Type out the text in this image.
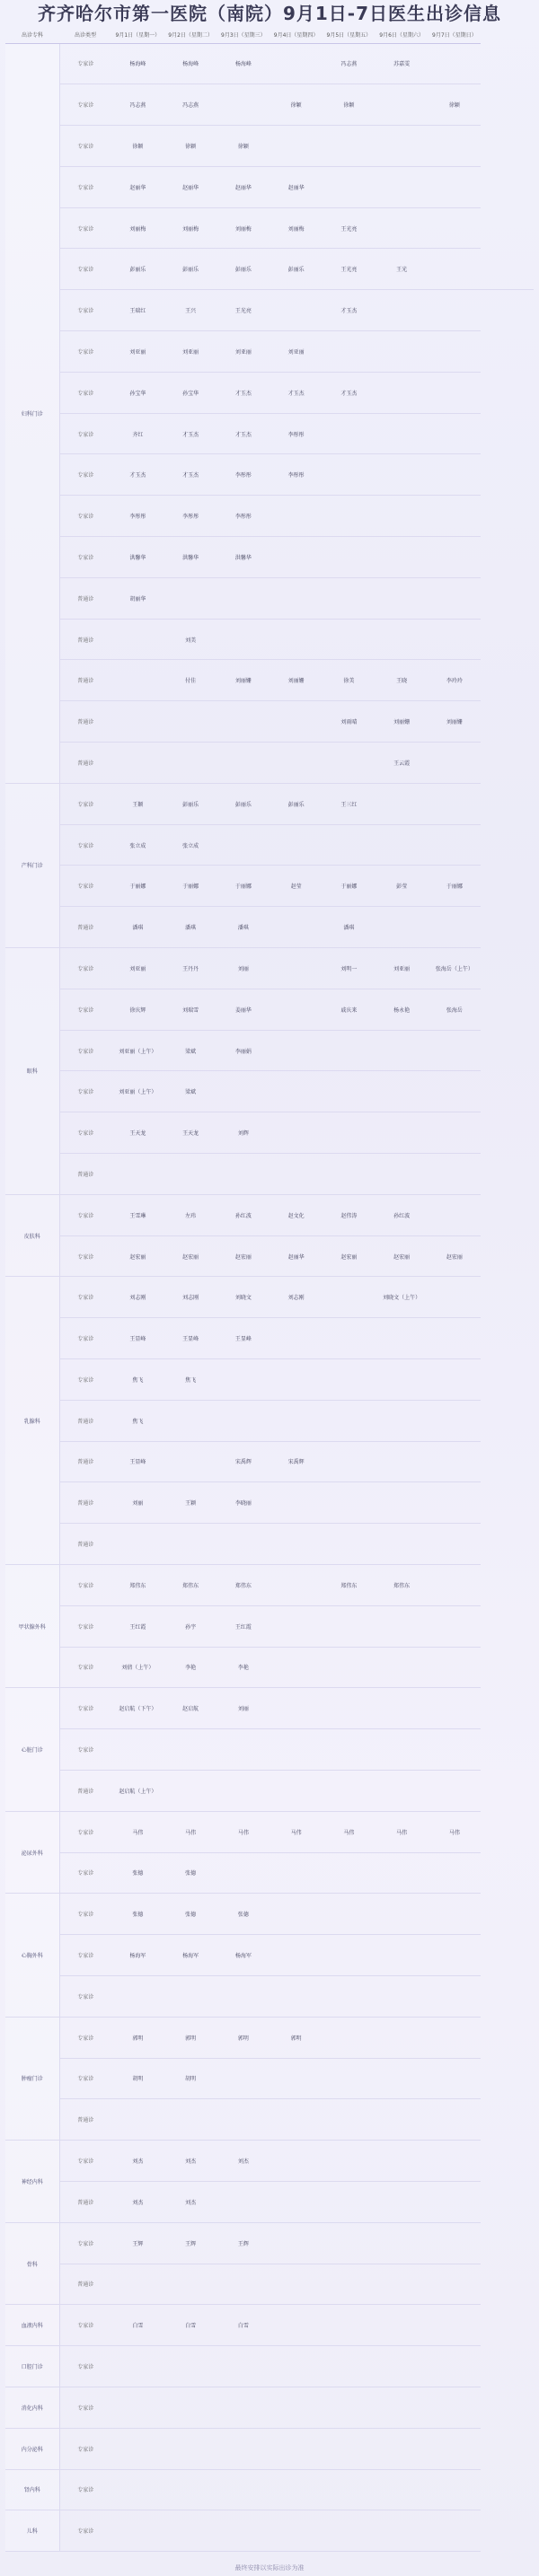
齐齐哈尔市第一医院（南院）9月1日-7日医生出诊信息
出诊专科	出诊类型	9月1日（星期一）	9月2日（星期二）	9月3日（星期三）	9月4日（星期四）	9月5日（星期五）	9月6日（星期六）	9月7日（星期日）	
妇科门诊	专家诊	杨海峰	杨海峰	杨海峰		冯志燕	苏嘉雯		
	专家诊	冯志燕	冯志燕		徐颖	徐颖		徐颖	
	专家诊	徐颖	徐颖	徐颖					
	专家诊	赵丽华	赵丽华	赵丽华	赵丽华				
	专家诊	刘丽梅	刘丽梅	刘丽梅	刘丽梅	王光亮			
	专家诊	彭丽乐	彭丽乐	彭丽乐	彭丽乐	王光亮	王光		
	专家诊	王瑞红	王兴	王光亮		才玉杰			
	专家诊	刘亚丽	刘亚丽	刘亚丽	刘亚丽				
	专家诊	孙宝华	孙宝华	才玉杰	才玉杰	才玉杰			
	专家诊	齐红	才玉杰	才玉杰	李彤彤				
	专家诊	才玉杰	才玉杰	李彤彤	李彤彤				
	专家诊	李彤彤	李彤彤	李彤彤					
	专家诊	洪馨华	洪馨华	洪馨华					
	普通诊	胡丽华							
	普通诊		刘美						
	普通诊		付佳	刘丽姗	刘丽姗	徐美	王晓	李玲玲	
	普通诊					刘雨晴	刘丽姗	刘丽姗	
	普通诊						王云霞		
产科门诊	专家诊	王颖	彭丽乐	彭丽乐	彭丽乐	王三红			
	专家诊	张立成	张立成						
	专家诊	于丽娜	于丽娜	于丽娜	赵莹	于丽娜	彭莹	于丽娜	
	普通诊	潘琪	潘琪	潘琪		潘琪			
眼科	专家诊	刘亚丽	王丹丹	刘丽		刘明一	刘亚丽	张海岳（上午）	
	专家诊	徐庆辉	刘瑞雪	姜丽华		戚庆来	杨永艳	张海岳	
	专家诊	刘亚丽（上午）	梁斌	李丽娟					
	专家诊	刘亚丽（上午）	梁斌						
	专家诊	王天龙	王天龙	刘辉					
	普通诊								
皮肤科	专家诊	王雪琳	左玮	孙红波	赵文化	赵伟涛	孙红波		
	专家诊	赵宏丽	赵宏丽	赵宏丽	赵丽华	赵宏丽	赵宏丽	赵宏丽	
乳腺科	专家诊	刘志刚	刘志刚	刘晓文	刘志刚		刘晓文（上午）		
	专家诊	王显峰	王显峰	王显峰					
	专家诊	焦飞	焦飞						
	普通诊	焦飞							
	普通诊	王显峰		宋禹辉	宋禹辉				
	普通诊	刘丽	王颖	李晓丽					
	普通诊								
甲状腺外科	专家诊	郑伟东	郑伟东	郑伟东		郑伟东	郑伟东		
	专家诊	王红霞	孙宇	王红霞					
	专家诊	刘倩（上午）	李艳	李艳					
心脏门诊	专家诊	赵启航（下午）	赵启航	刘丽					
	专家诊								
	普通诊	赵启航（上午）							
泌尿外科	专家诊	马伟	马伟	马伟	马伟	马伟	马伟	马伟	
	专家诊	张德	张德						
心胸外科	专家诊	张德	张德	张德					
	专家诊	杨海军	杨海军	杨海军					
	专家诊								
肿瘤门诊	专家诊	郭明	郭明	郭明	郭明				
	专家诊	胡明	胡明						
	普通诊								
神经内科	专家诊	刘杰	刘杰	刘杰					
	普通诊	刘杰	刘杰						
骨科	专家诊	王辉	王辉	王辉					
	普通诊								
血液内科	专家诊	白雪	白雪	白雪					
口腔门诊	专家诊								
消化内科	专家诊								
内分泌科	专家诊								
肾内科	专家诊								
儿科	专家诊								
最终安排以实际出诊为准
